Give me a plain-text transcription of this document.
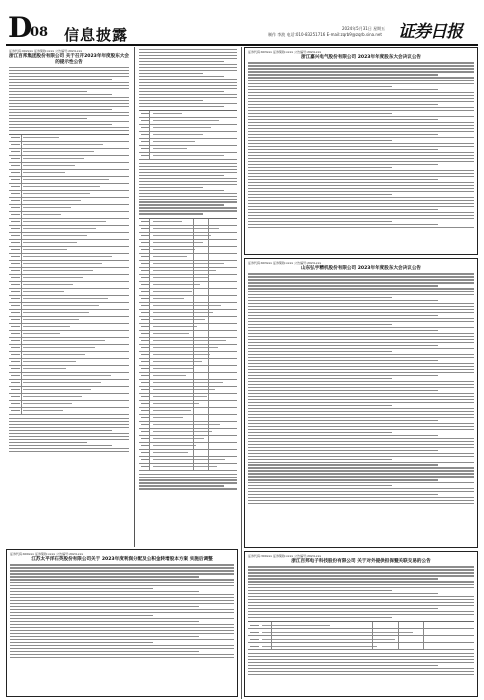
D
08 信息披露	2024年5月31日 星期五
制作 李波 电话:010-83251716 E-mail:zqrb9@zqrb.sina.net 证券日报
证券代码:002xxx 证券简称:xxxx 公告编号:2024-xxx
浙江百邦集团股份有限公司 关于召开2023年年度股东大会的提示性公告
证券代码:603xxx 证券简称:xxxx 公告编号:2024-xxx
浙江嘉兴电气股份有限公司 2023年年度股东大会决议公告
证券代码:603xxx 证券简称:xxxx 公告编号:2024-xxx
山东弘宇精机股份有限公司 2023年年度股东大会决议公告
证券代码:600xxx 证券简称:xxxx 公告编号:2024-xxx
江苏太平洋石英股份有限公司关于 2023年度利润分配及公积金转增股本方案 实施后调整
证券代码:300xxx 证券简称:xxxx 公告编号:2024-xxx
浙江百邦电子科技股份有限公司 关于对外提供担保暨关联交易的公告
